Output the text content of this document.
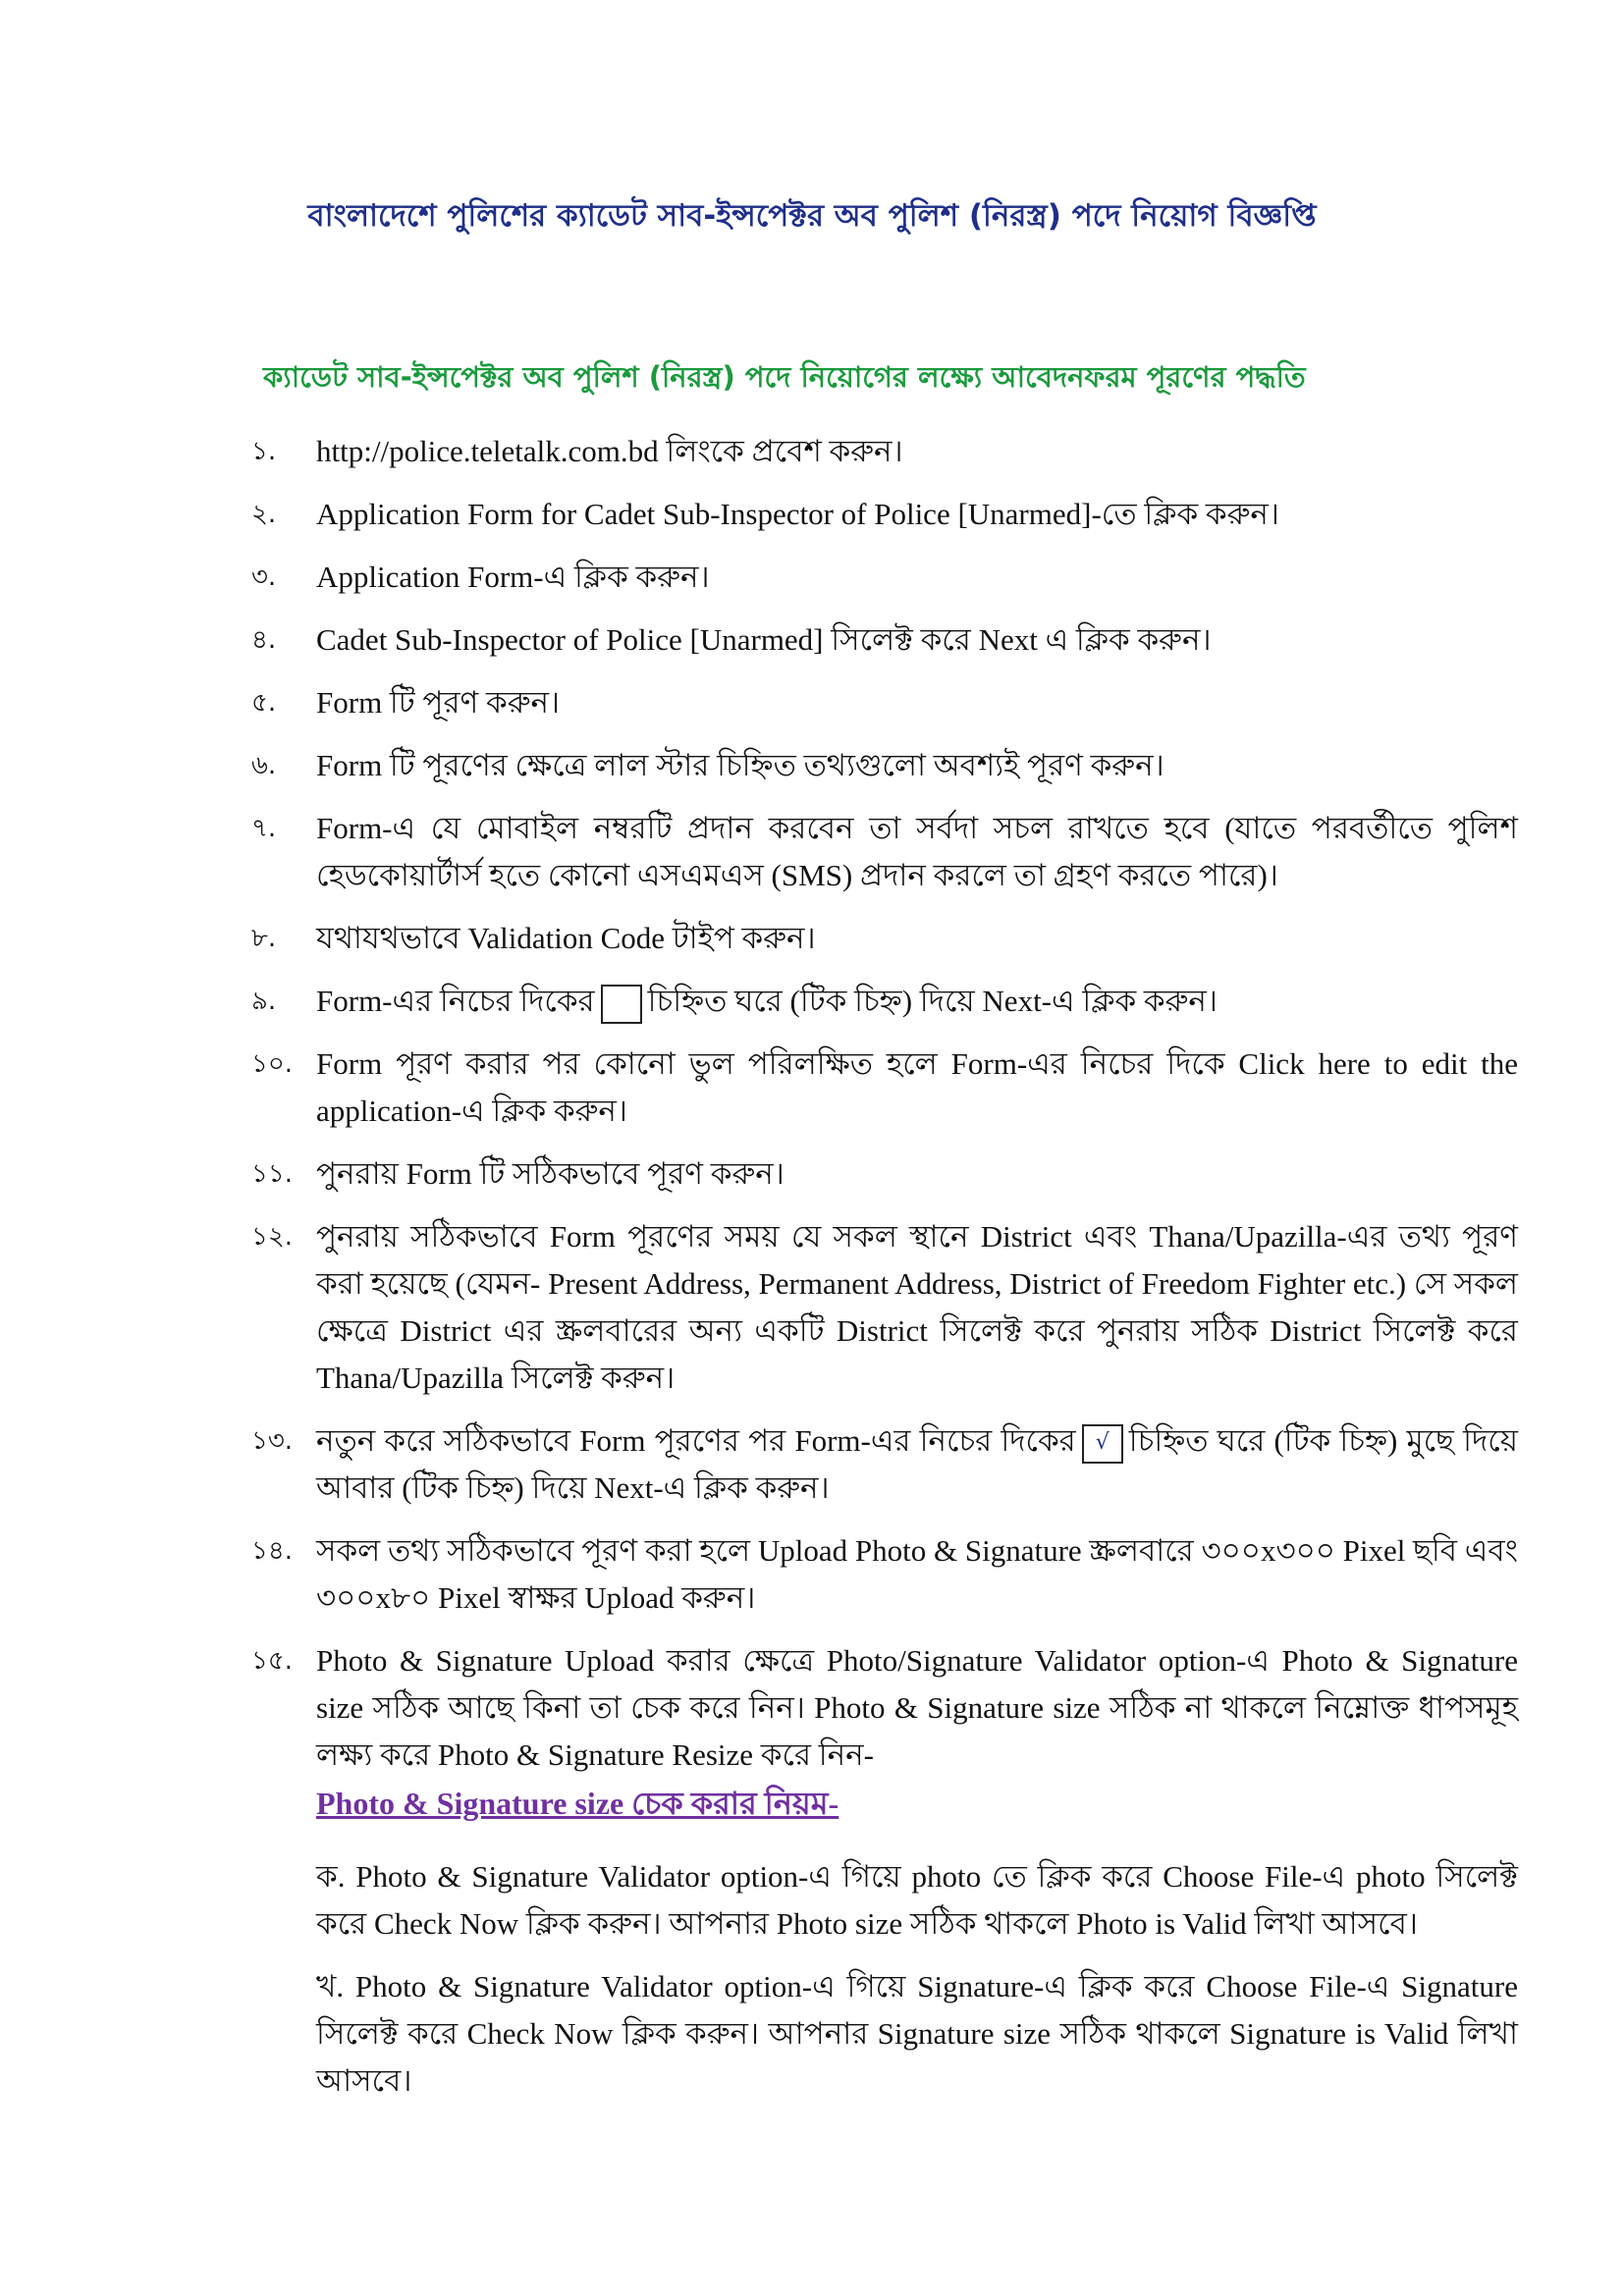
বাংলাদেশে পুলিশের ক্যাডেট সাব-ইন্সপেক্টর অব পুলিশ (নিরস্ত্র) পদে নিয়োগ বিজ্ঞপ্তি
ক্যাডেট সাব-ইন্সপেক্টর অব পুলিশ (নিরস্ত্র) পদে নিয়োগের লক্ষ্যে আবেদনফরম পূরণের পদ্ধতি
১.	http://police.teletalk.com.bd লিংকে প্রবেশ করুন।
২.	Application Form for Cadet Sub-Inspector of Police [Unarmed]-তে ক্লিক করুন।
৩.	Application Form-এ ক্লিক করুন।
৪.	Cadet Sub-Inspector of Police [Unarmed] সিলেক্ট করে Next এ ক্লিক করুন।
৫.	Form টি পূরণ করুন।
৬.	Form টি পূরণের ক্ষেত্রে লাল স্টার চিহ্নিত তথ্যগুলো অবশ্যই পূরণ করুন।
৭.	Form-এ যে মোবাইল নম্বরটি প্রদান করবেন তা সর্বদা সচল রাখতে হবে (যাতে পরবর্তীতে পুলিশ হেডকোয়ার্টার্স হতে কোনো এসএমএস (SMS) প্রদান করলে তা গ্রহণ করতে পারে)।
৮.	যথাযথভাবে Validation Code টাইপ করুন।
৯.	Form-এর নিচের দিকের চিহ্নিত ঘরে (টিক চিহ্ন) দিয়ে Next-এ ক্লিক করুন।
১০. Form পূরণ করার পর কোনো ভুল পরিলক্ষিত হলে Form-এর নিচের দিকে Click here to edit the application-এ ক্লিক করুন।
১১. পুনরায় Form টি সঠিকভাবে পূরণ করুন।
১২. পুনরায় সঠিকভাবে Form পূরণের সময় যে সকল স্থানে District এবং Thana/Upazilla-এর তথ্য পূরণ করা হয়েছে (যেমন- Present Address, Permanent Address, District of Freedom Fighter etc.) সে সকল ক্ষেত্রে District এর স্ক্রলবারের অন্য একটি District সিলেক্ট করে পুনরায় সঠিক District সিলেক্ট করে Thana/Upazilla সিলেক্ট করুন।
১৩. নতুন করে সঠিকভাবে Form পূরণের পর Form-এর নিচের দিকের √ চিহ্নিত ঘরে (টিক চিহ্ন) মুছে দিয়ে আবার (টিক চিহ্ন) দিয়ে Next-এ ক্লিক করুন।
১৪. সকল তথ্য সঠিকভাবে পূরণ করা হলে Upload Photo & Signature স্ক্রলবারে ৩০০x৩০০ Pixel ছবি এবং ৩০০x৮০ Pixel স্বাক্ষর Upload করুন।
১৫. Photo & Signature Upload করার ক্ষেত্রে Photo/Signature Validator option-এ Photo & Signature size সঠিক আছে কিনা তা চেক করে নিন। Photo & Signature size সঠিক না থাকলে নিম্নোক্ত ধাপসমূহ লক্ষ্য করে Photo & Signature Resize করে নিন-
Photo & Signature size চেক করার নিয়ম-

ক. Photo & Signature Validator option-এ গিয়ে photo তে ক্লিক করে Choose File-এ photo সিলেক্ট করে Check Now ক্লিক করুন। আপনার Photo size সঠিক থাকলে Photo is Valid লিখা আসবে।

খ. Photo & Signature Validator option-এ গিয়ে Signature-এ ক্লিক করে Choose File-এ Signature সিলেক্ট করে Check Now ক্লিক করুন। আপনার Signature size সঠিক থাকলে Signature is Valid লিখা আসবে।
